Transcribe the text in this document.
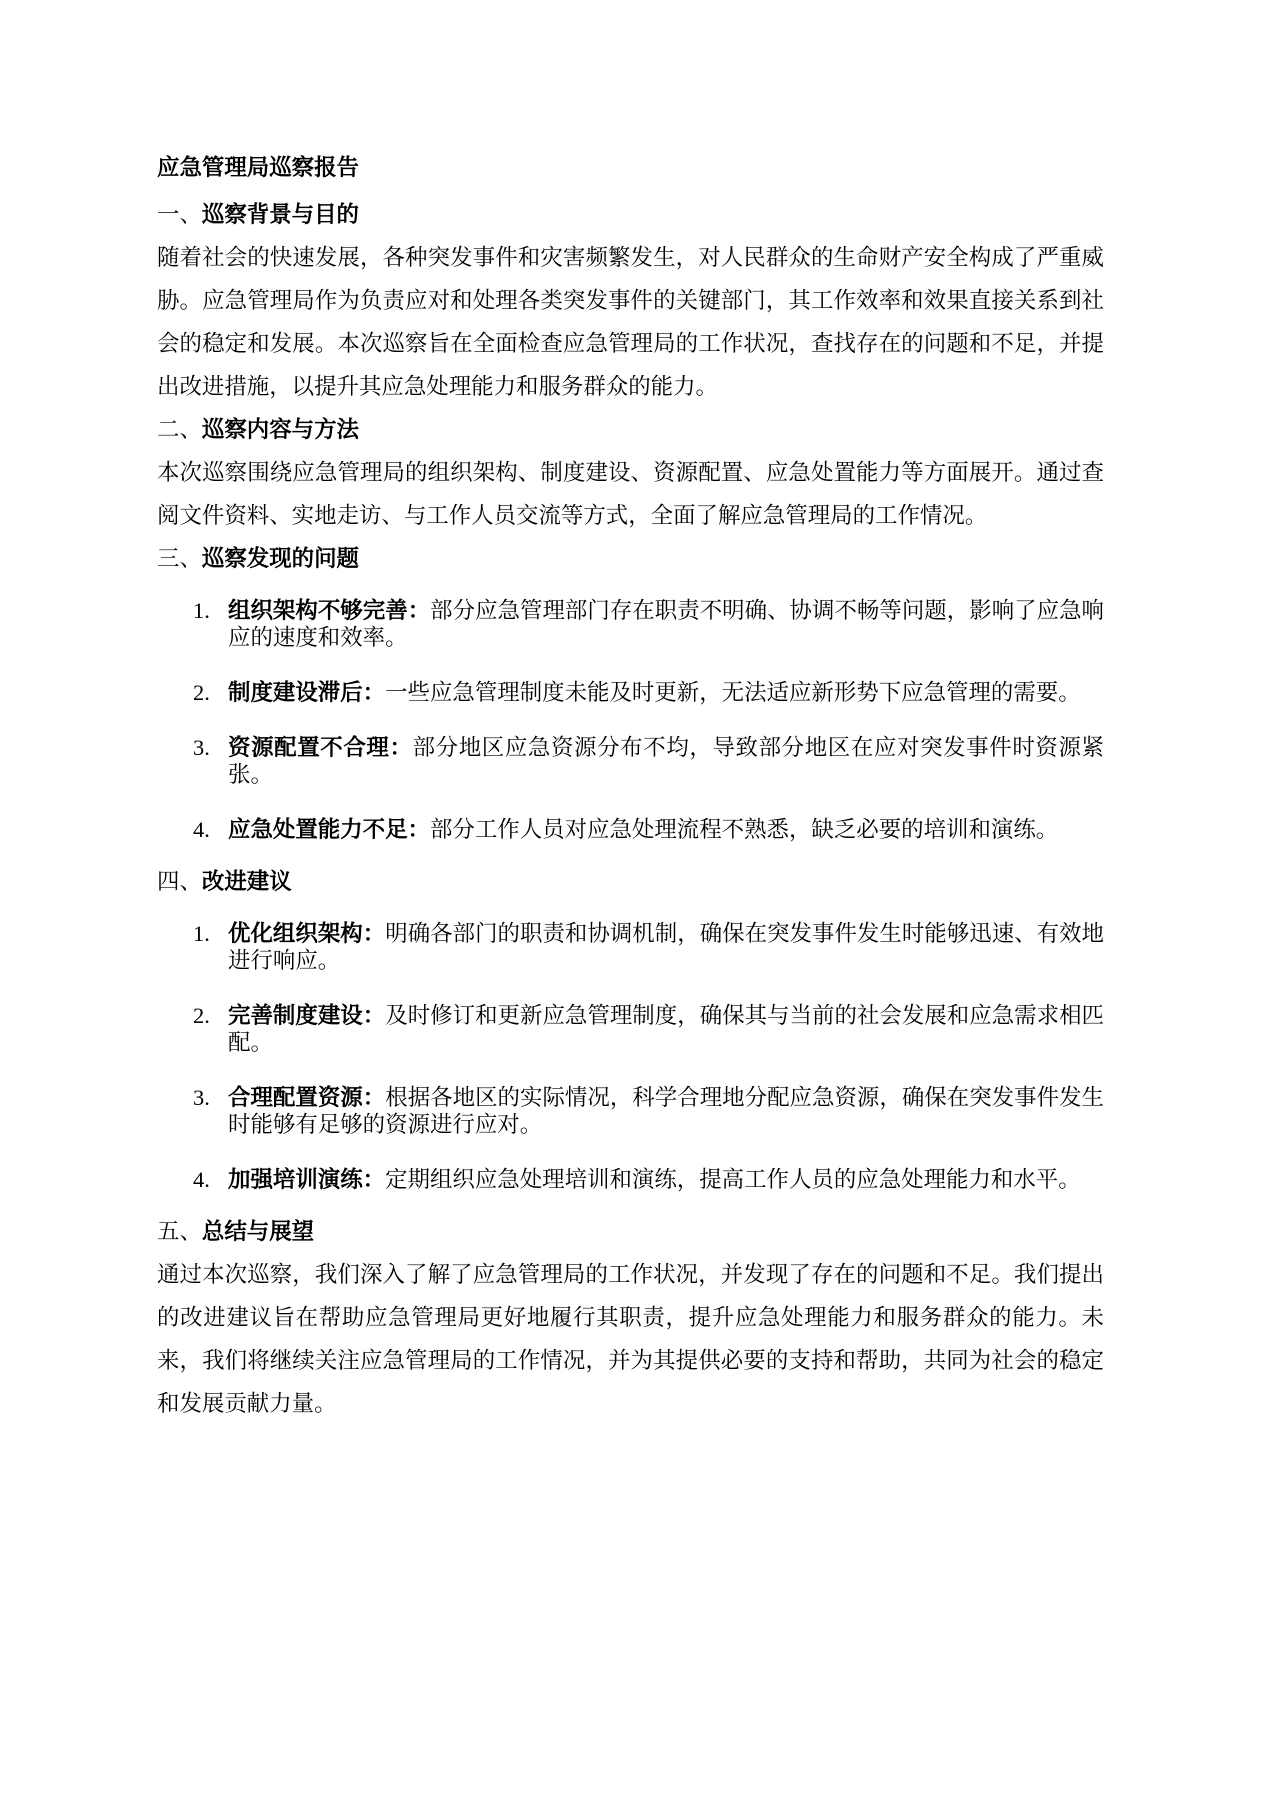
应急管理局巡察报告

一、巡察背景与目的

随着社会的快速发展，各种突发事件和灾害频繁发生，对人民群众的生命财产安全构成了严重威胁。应急管理局作为负责应对和处理各类突发事件的关键部门，其工作效率和效果直接关系到社会的稳定和发展。本次巡察旨在全面检查应急管理局的工作状况，查找存在的问题和不足，并提出改进措施，以提升其应急处理能力和服务群众的能力。

二、巡察内容与方法

本次巡察围绕应急管理局的组织架构、制度建设、资源配置、应急处置能力等方面展开。通过查阅文件资料、实地走访、与工作人员交流等方式，全面了解应急管理局的工作情况。

三、巡察发现的问题

1. 组织架构不够完善：部分应急管理部门存在职责不明确、协调不畅等问题，影响了应急响应的速度和效率。
2. 制度建设滞后：一些应急管理制度未能及时更新，无法适应新形势下应急管理的需要。
3. 资源配置不合理：部分地区应急资源分布不均，导致部分地区在应对突发事件时资源紧张。
4. 应急处置能力不足：部分工作人员对应急处理流程不熟悉，缺乏必要的培训和演练。

四、改进建议

1. 优化组织架构：明确各部门的职责和协调机制，确保在突发事件发生时能够迅速、有效地进行响应。
2. 完善制度建设：及时修订和更新应急管理制度，确保其与当前的社会发展和应急需求相匹配。
3. 合理配置资源：根据各地区的实际情况，科学合理地分配应急资源，确保在突发事件发生时能够有足够的资源进行应对。
4. 加强培训演练：定期组织应急处理培训和演练，提高工作人员的应急处理能力和水平。

五、总结与展望

通过本次巡察，我们深入了解了应急管理局的工作状况，并发现了存在的问题和不足。我们提出的改进建议旨在帮助应急管理局更好地履行其职责，提升应急处理能力和服务群众的能力。未来，我们将继续关注应急管理局的工作情况，并为其提供必要的支持和帮助，共同为社会的稳定和发展贡献力量。
